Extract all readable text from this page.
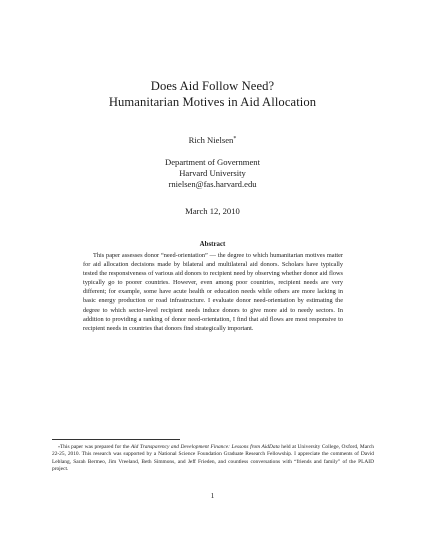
Does Aid Follow Need?
Humanitarian Motives in Aid Allocation
Rich Nielsen*
Department of Government
Harvard University
rnielsen@fas.harvard.edu
March 12, 2010
Abstract
This paper assesses donor “need-orientation” — the degree to which humanitarian motives matter for aid allocation decisions made by bilateral and multilateral aid donors. Scholars have typically tested the responsiveness of various aid donors to recipient need by observing whether donor aid flows typically go to poorer countries. However, even among poor countries, recipient needs are very different; for example, some have acute health or education needs while others are more lacking in basic energy production or road infrastructure. I evaluate donor need-orientation by estimating the degree to which sector-level recipient needs induce donors to give more aid to needy sectors. In addition to providing a ranking of donor need-orientation, I find that aid flows are most responsive to recipient needs in countries that donors find strategically important.
*This paper was prepared for the Aid Transparency and Development Finance: Lessons from AidData held at University College, Oxford, March 22-25, 2010. This research was supported by a National Science Foundation Graduate Research Fellowship. I appreciate the comments of David Leblang, Sarah Bermeo, Jim Vreeland, Beth Simmons, and Jeff Frieden, and countless conversations with “friends and family” of the PLAID project.
1
